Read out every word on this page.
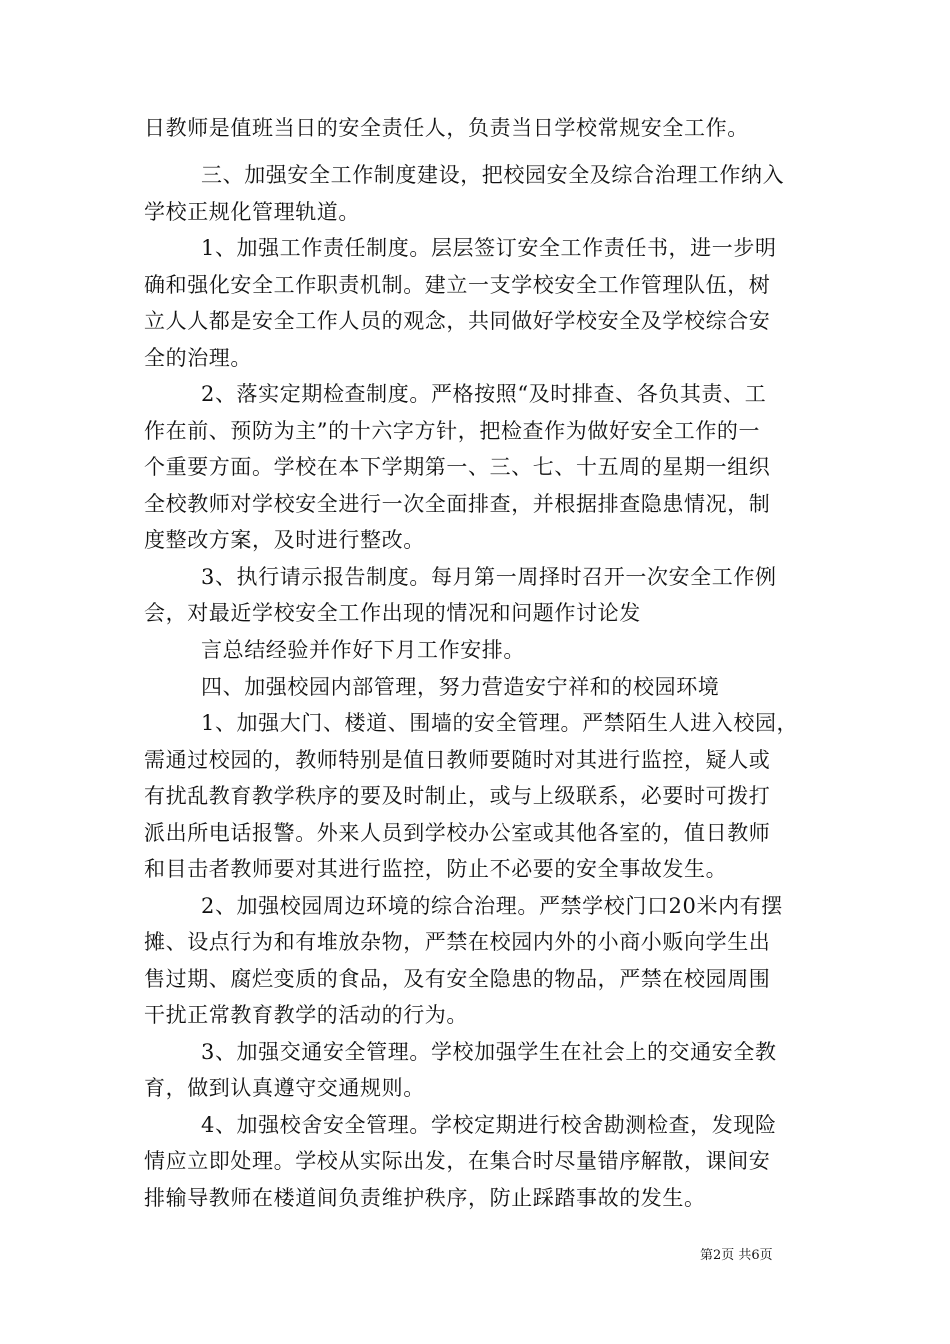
日教师是值班当日的安全责任人，负责当日学校常规安全工作。
三、加强安全工作制度建设，把校园安全及综合治理工作纳入
学校正规化管理轨道。
1、加强工作责任制度。层层签订安全工作责任书，进一步明
确和强化安全工作职责机制。建立一支学校安全工作管理队伍，树
立人人都是安全工作人员的观念，共同做好学校安全及学校综合安
全的治理。
2、落实定期检查制度。严格按照“及时排查、各负其责、工
作在前、预防为主”的十六字方针，把检查作为做好安全工作的一
个重要方面。学校在本下学期第一、三、七、十五周的星期一组织
全校教师对学校安全进行一次全面排查，并根据排查隐患情况，制
度整改方案，及时进行整改。
3、执行请示报告制度。每月第一周择时召开一次安全工作例
会，对最近学校安全工作出现的情况和问题作讨论发
言总结经验并作好下月工作安排。
四、加强校园内部管理，努力营造安宁祥和的校园环境
1、加强大门、楼道、围墙的安全管理。严禁陌生人进入校园，
需通过校园的，教师特别是值日教师要随时对其进行监控，疑人或
有扰乱教育教学秩序的要及时制止，或与上级联系，必要时可拨打
派出所电话报警。外来人员到学校办公室或其他各室的，值日教师
和目击者教师要对其进行监控，防止不必要的安全事故发生。
2、加强校园周边环境的综合治理。严禁学校门口20米内有摆
摊、设点行为和有堆放杂物，严禁在校园内外的小商小贩向学生出
售过期、腐烂变质的食品，及有安全隐患的物品，严禁在校园周围
干扰正常教育教学的活动的行为。
3、加强交通安全管理。学校加强学生在社会上的交通安全教
育，做到认真遵守交通规则。
4、加强校舍安全管理。学校定期进行校舍勘测检查，发现险
情应立即处理。学校从实际出发，在集合时尽量错序解散，课间安
排输导教师在楼道间负责维护秩序，防止踩踏事故的发生。
第2页 共6页
